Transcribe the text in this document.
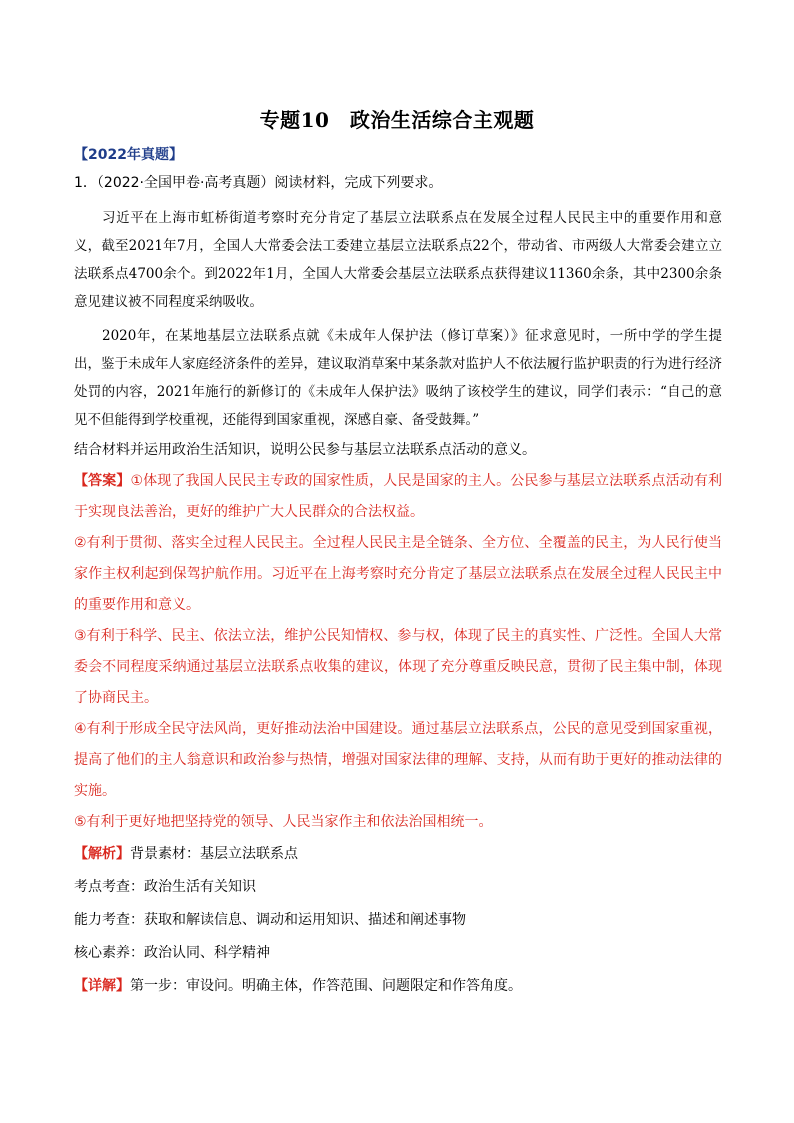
专题10　政治生活综合主观题
【2022年真题】
1．（2022·全国甲卷·高考真题）阅读材料，完成下列要求。
习近平在上海市虹桥街道考察时充分肯定了基层立法联系点在发展全过程人民民主中的重要作用和意义，截至2021年7月，全国人大常委会法工委建立基层立法联系点22个，带动省、市两级人大常委会建立立法联系点4700余个。到2022年1月，全国人大常委会基层立法联系点获得建议11360余条，其中2300余条意见建议被不同程度采纳吸收。
2020年，在某地基层立法联系点就《未成年人保护法（修订草案）》征求意见时，一所中学的学生提出，鉴于未成年人家庭经济条件的差异，建议取消草案中某条款对监护人不依法履行监护职责的行为进行经济处罚的内容，2021年施行的新修订的《未成年人保护法》吸纳了该校学生的建议，同学们表示：“自己的意见不但能得到学校重视，还能得到国家重视，深感自豪、备受鼓舞。”
结合材料并运用政治生活知识，说明公民参与基层立法联系点活动的意义。
【答案】①体现了我国人民民主专政的国家性质，人民是国家的主人。公民参与基层立法联系点活动有利于实现良法善治，更好的维护广大人民群众的合法权益。
②有利于贯彻、落实全过程人民民主。全过程人民民主是全链条、全方位、全覆盖的民主，为人民行使当家作主权利起到保驾护航作用。习近平在上海考察时充分肯定了基层立法联系点在发展全过程人民民主中的重要作用和意义。
③有利于科学、民主、依法立法，维护公民知情权、参与权，体现了民主的真实性、广泛性。全国人大常委会不同程度采纳通过基层立法联系点收集的建议，体现了充分尊重反映民意，贯彻了民主集中制，体现了协商民主。
④有利于形成全民守法风尚，更好推动法治中国建设。通过基层立法联系点，公民的意见受到国家重视，提高了他们的主人翁意识和政治参与热情，增强对国家法律的理解、支持，从而有助于更好的推动法律的实施。
⑤有利于更好地把坚持党的领导、人民当家作主和依法治国相统一。
【解析】背景素材：基层立法联系点
考点考查：政治生活有关知识
能力考查：获取和解读信息、调动和运用知识、描述和阐述事物
核心素养：政治认同、科学精神
【详解】第一步：审设问。明确主体，作答范围、问题限定和作答角度。
